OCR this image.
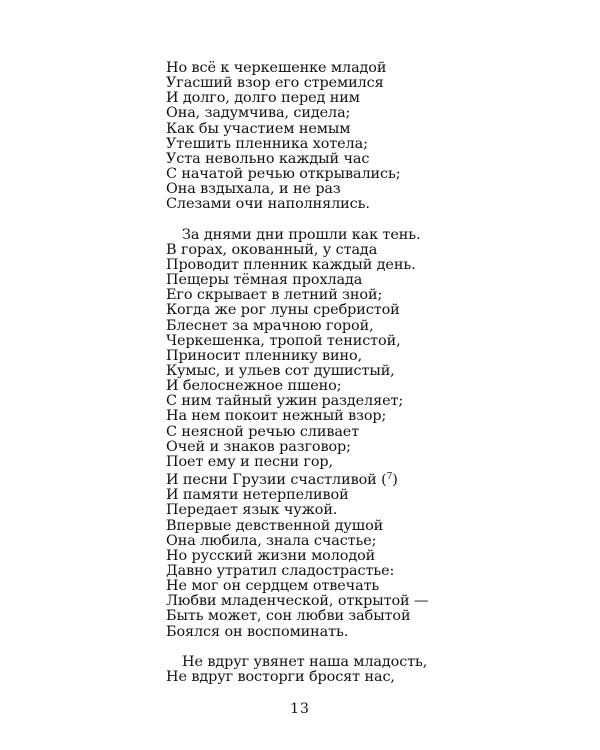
Но всё к черкешенке младой
Угасший взор его стремился
И долго, долго перед ним
Она, задумчива, сидела;
Как бы участием немым
Утешить пленника хотела;
Уста невольно каждый час
С начатой речью открывались;
Она вздыхала, и не раз
Слезами очи наполнялись.
За днями дни прошли как тень.
В горах, окованный, у стада
Проводит пленник каждый день.
Пещеры тёмная прохлада
Его скрывает в летний зной;
Когда же рог луны сребристой
Блеснет за мрачною горой,
Черкешенка, тропой тенистой,
Приносит пленнику вино,
Кумыс, и ульев сот душистый,
И белоснежное пшено;
С ним тайный ужин разделяет;
На нем покоит нежный взор;
С неясной речью сливает
Очей и знаков разговор;
Поет ему и песни гор,
И песни Грузии счастливой ($^7$)
И памяти нетерпеливой
Передает язык чужой.
Впервые девственной душой
Она любила, знала счастье;
Но русский жизни молодой
Давно утратил сладострастье:
Не мог он сердцем отвечать
Любви младенческой, открытой —
Быть может, сон любви забытой
Боялся он воспоминать.
Не вдруг увянет наша младость,
Не вдруг восторги бросят нас,
13
